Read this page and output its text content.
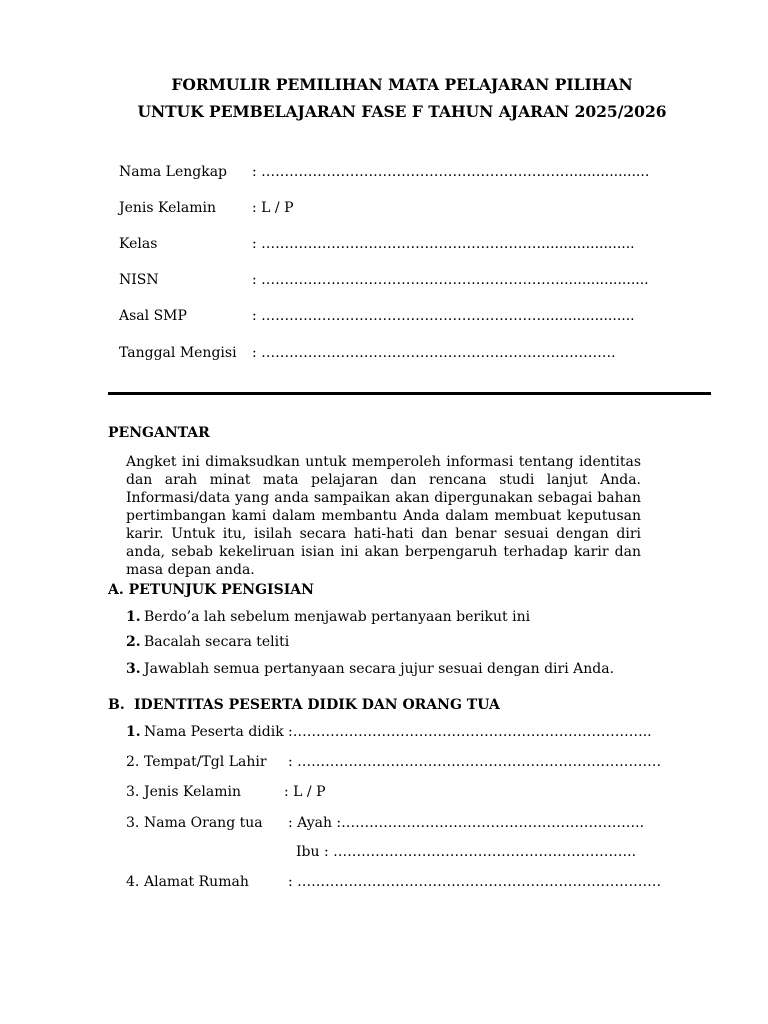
FORMULIR PEMILIHAN MATA PELAJARAN PILIHAN
UNTUK PEMBELAJARAN FASE F TAHUN AJARAN 2025/2026
Nama Lengkap : …………………………………………………………..................
Jenis Kelamin	: L / P
Kelas	: …………………………………………………….....................
NISN	: ……………………………………………………….....................
Asal SMP	: …………………………………………………….....................
Tanggal Mengisi : ………………………………………………………………….
PENGANTAR
Angket ini dimaksudkan untuk memperoleh informasi tentang identitas dan arah minat mata pelajaran dan rencana studi lanjut Anda. Informasi/data yang anda sampaikan akan dipergunakan sebagai bahan pertimbangan kami dalam membantu Anda dalam membuat keputusan karir. Untuk itu, isilah secara hati-hati dan benar sesuai dengan diri anda, sebab kekeliruan isian ini akan berpengaruh terhadap karir dan masa depan anda.
A. PETUNJUK PENGISIAN
1. Berdo’a lah sebelum menjawab pertanyaan berikut ini
2. Bacalah secara teliti
3. Jawablah semua pertanyaan secara jujur sesuai dengan diri Anda.
B. IDENTITAS PESERTA DIDIK DAN ORANG TUA
1. Nama Peserta didik :…………………………………………………………………..
2. Tempat/Tgl Lahir : ……………………………………………………………………
3. Jenis Kelamin	: L / P
3. Nama Orang tua : Ayah :………………………………………………………..
Ibu : ………………………………………………………..
4. Alamat Rumah	: ……………………………………………………………………
